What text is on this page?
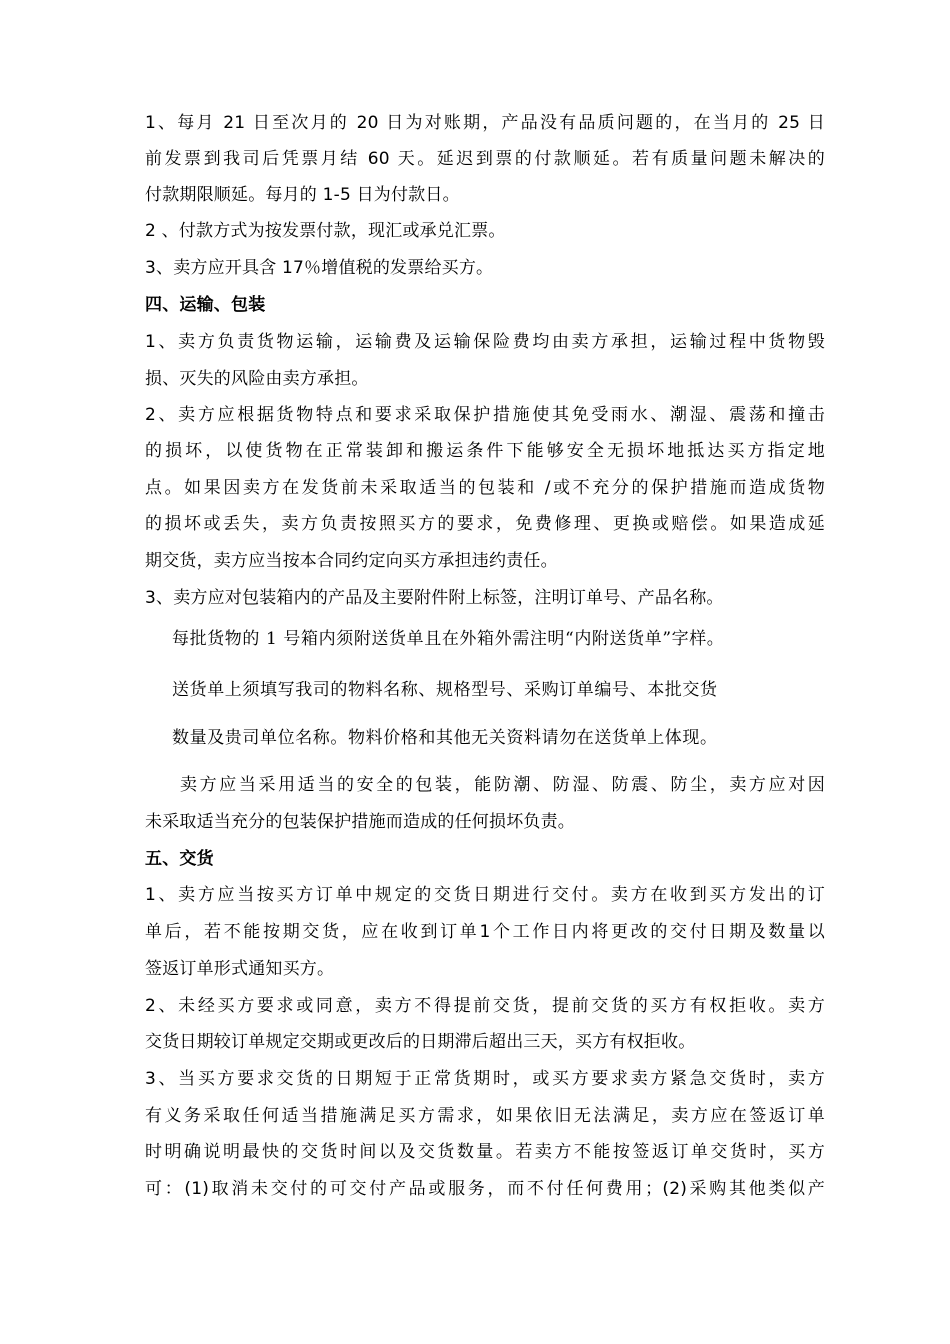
1、每月 21 日至次月的 20 日为对账期，产品没有品质问题的，在当月的 25 日
前发票到我司后凭票月结 60 天。延迟到票的付款顺延。若有质量问题未解决的
付款期限顺延。每月的 1-5 日为付款日。
2 、付款方式为按发票付款，现汇或承兑汇票。
3、卖方应开具含 17％增值税的发票给买方。
四、运输、包装
1、卖方负责货物运输，运输费及运输保险费均由卖方承担，运输过程中货物毁
损、灭失的风险由卖方承担。
2、卖方应根据货物特点和要求采取保护措施使其免受雨水、潮湿、震荡和撞击
的损坏，以使货物在正常装卸和搬运条件下能够安全无损坏地抵达买方指定地
点。如果因卖方在发货前未采取适当的包装和 /或不充分的保护措施而造成货物
的损坏或丢失，卖方负责按照买方的要求，免费修理、更换或赔偿。如果造成延
期交货，卖方应当按本合同约定向买方承担违约责任。
3、卖方应对包装箱内的产品及主要附件附上标签，注明订单号、产品名称。
每批货物的 1 号箱内须附送货单且在外箱外需注明“内附送货单”字样。
送货单上须填写我司的物料名称、规格型号、采购订单编号、本批交货
数量及贵司单位名称。物料价格和其他无关资料请勿在送货单上体现。
卖方应当采用适当的安全的包装，能防潮、防湿、防震、防尘，卖方应对因
未采取适当充分的包装保护措施而造成的任何损坏负责。
五、交货
1、卖方应当按买方订单中规定的交货日期进行交付。卖方在收到买方发出的订
单后，若不能按期交货，应在收到订单1个工作日内将更改的交付日期及数量以
签返订单形式通知买方。
2、未经买方要求或同意，卖方不得提前交货，提前交货的买方有权拒收。卖方
交货日期较订单规定交期或更改后的日期滞后超出三天，买方有权拒收。
3、当买方要求交货的日期短于正常货期时，或买方要求卖方紧急交货时，卖方
有义务采取任何适当措施满足买方需求，如果依旧无法满足，卖方应在签返订单
时明确说明最快的交货时间以及交货数量。若卖方不能按签返订单交货时，买方
可：(1)取消未交付的可交付产品或服务，而不付任何费用；(2)采购其他类似产
